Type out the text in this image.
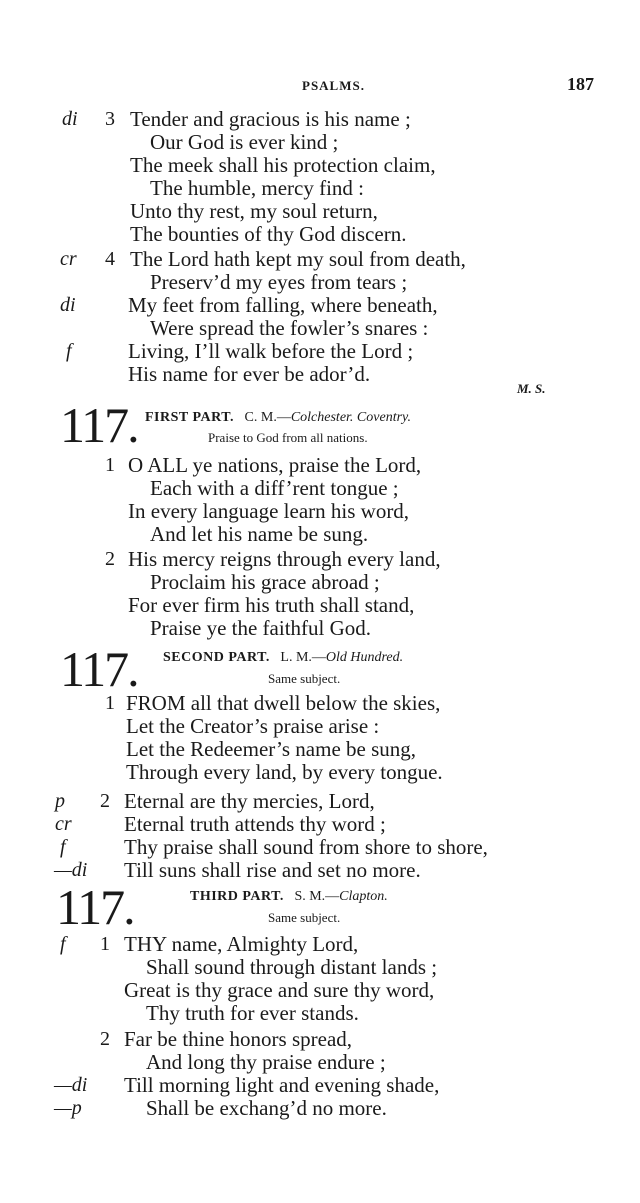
PSALMS.	187
di 3 Tender and gracious is his name ;
Our God is ever kind ;
The meek shall his protection claim,
The humble, mercy find :
Unto thy rest, my soul return,
The bounties of thy God discern.
cr 4 The Lord hath kept my soul from death,
Preserv’d my eyes from tears ;
di My feet from falling, where beneath,
Were spread the fowler’s snares :
f	Living, I’ll walk before the Lord ;
His name for ever be ador’d.
M. S.
117. FIRST PART. C. M.—Colchester. Coventry.
Praise to God from all nations.
1 O ALL ye nations, praise the Lord,
Each with a diff’rent tongue ;
In every language learn his word,
And let his name be sung.
2 His mercy reigns through every land,
Proclaim his grace abroad ;
For ever firm his truth shall stand,
Praise ye the faithful God.
117. SECOND PART. L. M.—Old Hundred.
Same subject.
1 FROM all that dwell below the skies,
Let the Creator’s praise arise :
Let the Redeemer’s name be sung,
Through every land, by every tongue.
p 2 Eternal are thy mercies, Lord,
cr Eternal truth attends thy word ;
f	Thy praise shall sound from shore to shore,
—di Till suns shall rise and set no more.
117.	THIRD PART. S. M.—Clapton.
Same subject.
f 1 THY name, Almighty Lord,
Shall sound through distant lands ;
Great is thy grace and sure thy word,
Thy truth for ever stands.
2 Far be thine honors spread,
And long thy praise endure ;
—di Till morning light and evening shade,
—p	Shall be exchang’d no more.
